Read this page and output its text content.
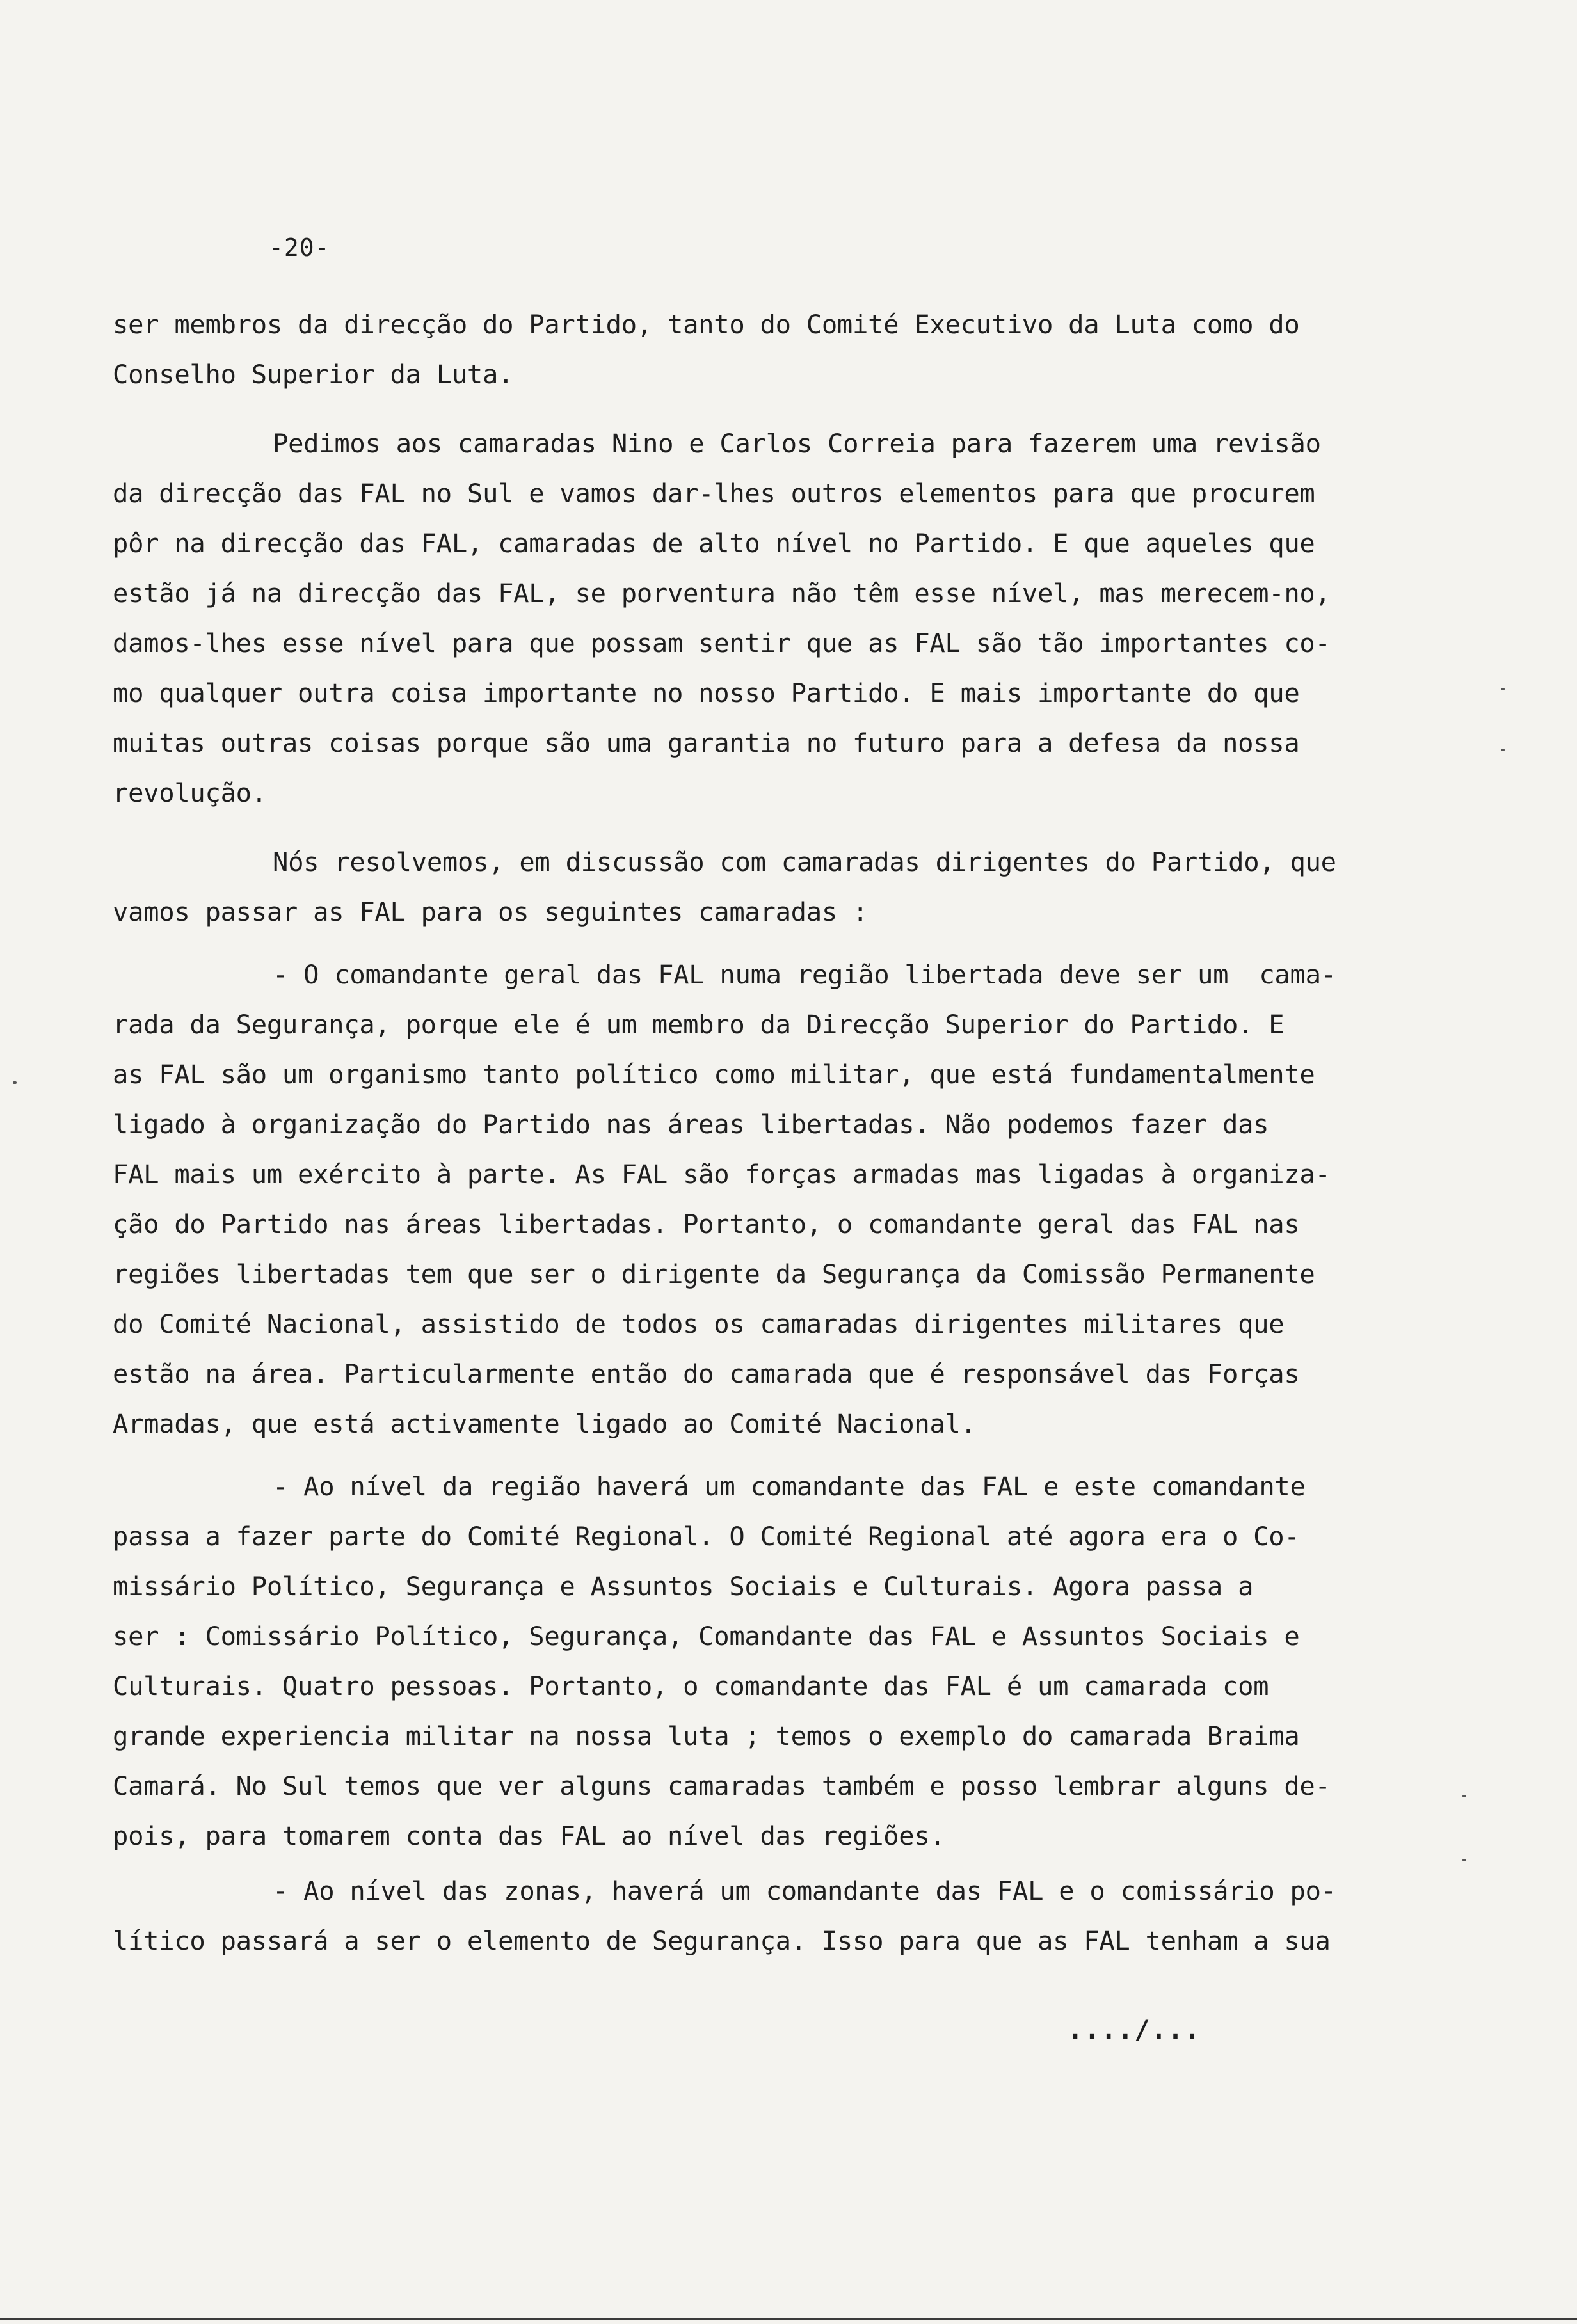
-20-

ser membros da direcção do Partido, tanto do Comité Executivo da Luta como do
Conselho Superior da Luta.

Pedimos aos camaradas Nino e Carlos Correia para fazerem uma revisão
da direcção das FAL no Sul e vamos dar-lhes outros elementos para que procurem
pôr na direcção das FAL, camaradas de alto nível no Partido. E que aqueles que
estão já na direcção das FAL, se porventura não têm esse nível, mas merecem-no,
damos-lhes esse nível para que possam sentir que as FAL são tão importantes co-
mo qualquer outra coisa importante no nosso Partido. E mais importante do que
muitas outras coisas porque são uma garantia no futuro para a defesa da nossa
revolução.

Nós resolvemos, em discussão com camaradas dirigentes do Partido, que
vamos passar as FAL para os seguintes camaradas :

- O comandante geral das FAL numa região libertada deve ser um  cama-
rada da Segurança, porque ele é um membro da Direcção Superior do Partido. E
as FAL são um organismo tanto político como militar, que está fundamentalmente
ligado à organização do Partido nas áreas libertadas. Não podemos fazer das
FAL mais um exército à parte. As FAL são forças armadas mas ligadas à organiza-
ção do Partido nas áreas libertadas. Portanto, o comandante geral das FAL nas
regiões libertadas tem que ser o dirigente da Segurança da Comissão Permanente
do Comité Nacional, assistido de todos os camaradas dirigentes militares que
estão na área. Particularmente então do camarada que é responsável das Forças
Armadas, que está activamente ligado ao Comité Nacional.

- Ao nível da região haverá um comandante das FAL e este comandante
passa a fazer parte do Comité Regional. O Comité Regional até agora era o Co-
missário Político, Segurança e Assuntos Sociais e Culturais. Agora passa a
ser : Comissário Político, Segurança, Comandante das FAL e Assuntos Sociais e
Culturais. Quatro pessoas. Portanto, o comandante das FAL é um camarada com
grande experiencia militar na nossa luta ; temos o exemplo do camarada Braima
Camará. No Sul temos que ver alguns camaradas também e posso lembrar alguns de-
pois, para tomarem conta das FAL ao nível das regiões.

- Ao nível das zonas, haverá um comandante das FAL e o comissário po-
lítico passará a ser o elemento de Segurança. Isso para que as FAL tenham a sua

..../...
